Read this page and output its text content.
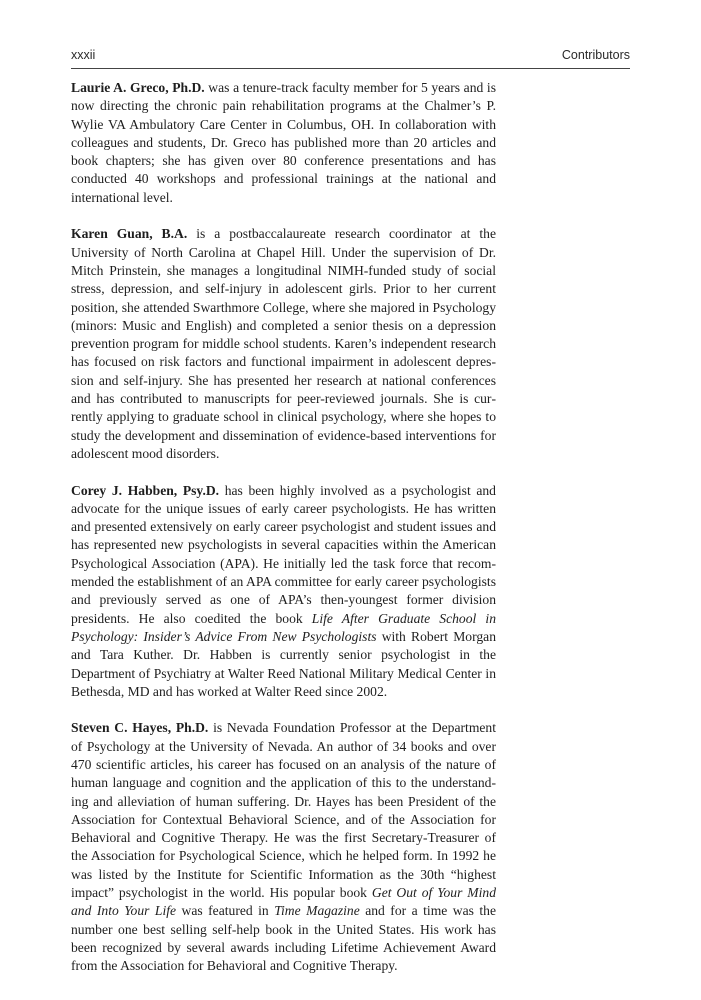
xxxii	Contributors

Laurie A. Greco, Ph.D. was a tenure-track faculty member for 5 years and is now directing the chronic pain rehabilitation programs at the Chalmer’s P. Wylie VA Ambulatory Care Center in Columbus, OH. In collaboration with colleagues and students, Dr. Greco has published more than 20 articles and book chapters; she has given over 80 conference presentations and has conducted 40 workshops and professional trainings at the national and international level.

Karen Guan, B.A. is a postbaccalaureate research coordinator at the University of North Carolina at Chapel Hill. Under the supervision of Dr. Mitch Prinstein, she manages a longitudinal NIMH-funded study of social stress, depression, and self-injury in adolescent girls. Prior to her current position, she attended Swarthmore College, where she majored in Psychology (minors: Music and English) and completed a senior thesis on a depression prevention program for middle school students. Karen’s independent research has focused on risk factors and functional impairment in adolescent depression and self-injury. She has presented her research at national conferences and has contributed to manuscripts for peer-reviewed journals. She is currently applying to graduate school in clinical psychology, where she hopes to study the development and dissemination of evidence-based interventions for adolescent mood disorders.

Corey J. Habben, Psy.D. has been highly involved as a psychologist and advocate for the unique issues of early career psychologists. He has written and presented extensively on early career psychologist and student issues and has represented new psychologists in several capacities within the American Psychological Association (APA). He initially led the task force that recommended the establishment of an APA committee for early career psychologists and previously served as one of APA’s then-youngest former division presidents. He also coedited the book Life After Graduate School in Psychology: Insider’s Advice From New Psychologists with Robert Morgan and Tara Kuther. Dr. Habben is currently senior psychologist in the Department of Psychiatry at Walter Reed National Military Medical Center in Bethesda, MD and has worked at Walter Reed since 2002.

Steven C. Hayes, Ph.D. is Nevada Foundation Professor at the Department of Psychology at the University of Nevada. An author of 34 books and over 470 scientific articles, his career has focused on an analysis of the nature of human language and cognition and the application of this to the understanding and alleviation of human suffering. Dr. Hayes has been President of the Association for Contextual Behavioral Science, and of the Association for Behavioral and Cognitive Therapy. He was the first Secretary-Treasurer of the Association for Psychological Science, which he helped form. In 1992 he was listed by the Institute for Scientific Information as the 30th “highest impact” psychologist in the world. His popular book Get Out of Your Mind and Into Your Life was featured in Time Magazine and for a time was the number one best selling self-help book in the United States. His work has been recognized by several awards including Lifetime Achievement Award from the Association for Behavioral and Cognitive Therapy.
